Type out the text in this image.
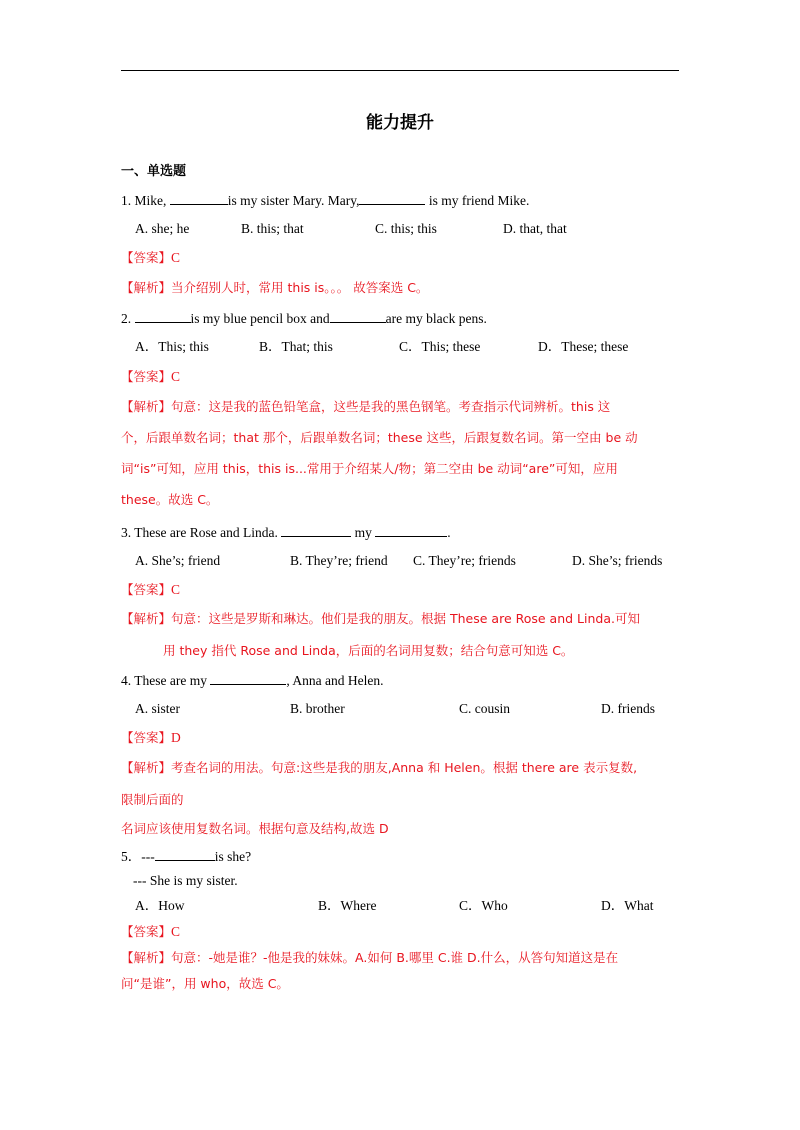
能力提升
一、单选题
1. Mike,	is my sister Mary. Mary,	is my friend Mike.
A. she; he	B. this; that	C. this; this	D. that, that
【答案】C
【解析】当介绍别人时，常用 this is。。。 故答案选 C。
2.	is my blue pencil box and	are my black pens.
A．This; this	B．That; this	C．This; these	D．These; these
【答案】C
【解析】句意：这是我的蓝色铅笔盒，这些是我的黑色钢笔。考查指示代词辨析。this 这
个，后跟单数名词；that 那个，后跟单数名词；these 这些，后跟复数名词。第一空由 be 动
词“is”可知，应用 this，this is...常用于介绍某人/物；第二空由 be 动词“are”可知，应用
these。故选 C。
3. These are Rose and Linda.	my	.
A. She’s; friend	B. They’re; friend C. They’re; friends	D. She’s; friends
【答案】C
【解析】句意：这些是罗斯和琳达。他们是我的朋友。根据 These are Rose and Linda.可知
用 they 指代 Rose and Linda，后面的名词用复数；结合句意可知选 C。
4. These are my	, Anna and Helen.
A. sister	B. brother	C. cousin	D. friends
【答案】D
【解析】考查名词的用法。句意:这些是我的朋友,Anna 和 Helen。根据 there are 表示复数,
限制后面的
名词应该使用复数名词。根据句意及结构,故选 D
5．---	is she?
--- She is my sister.
A．How	B．Where	C．Who	D．What
【答案】C
【解析】句意：-她是谁？-他是我的妹妹。A.如何 B.哪里 C.谁 D.什么，从答句知道这是在
问“是谁”，用 who，故选 C。
